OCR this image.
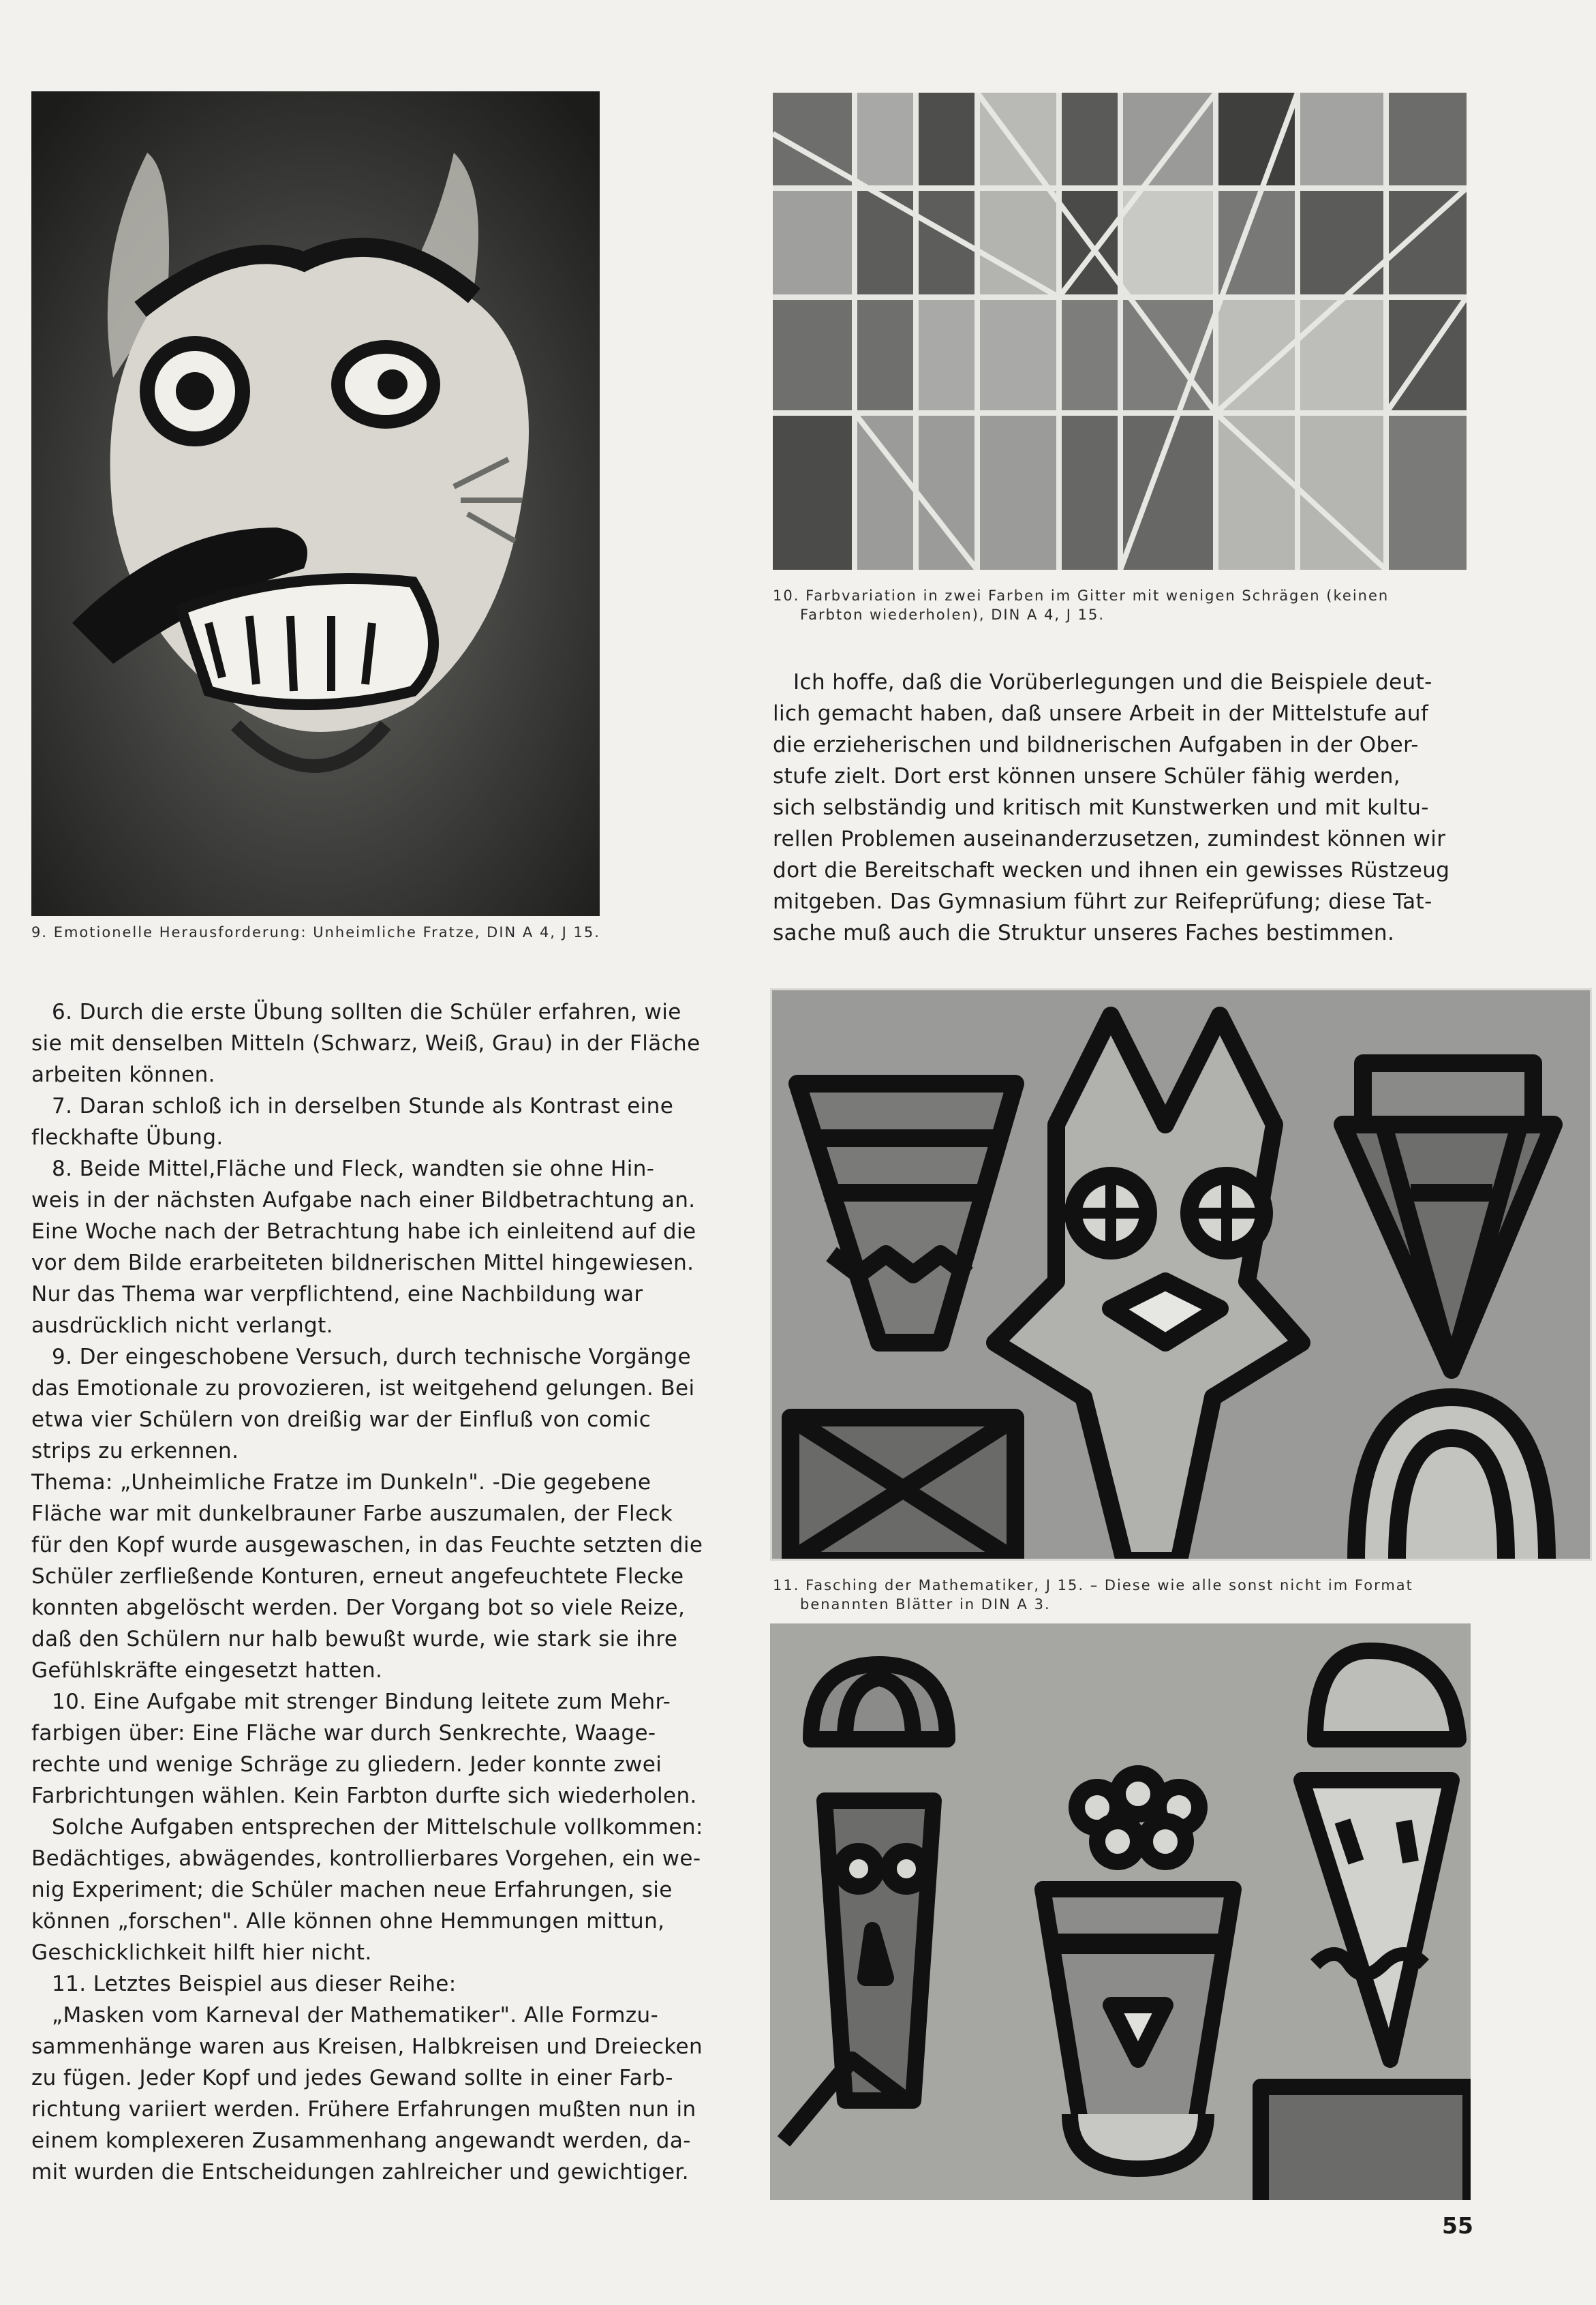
9. Emotionelle Herausforderung: Unheimliche Fratze, DIN A 4, J 15.
10. Farbvariation in zwei Farben im Gitter mit wenigen Schrägen (keinen
Farbton wiederholen), DIN A 4, J 15.
Ich hoffe, daß die Vorüberlegungen und die Beispiele deut-
lich gemacht haben, daß unsere Arbeit in der Mittelstufe auf
die erzieherischen und bildnerischen Aufgaben in der Ober-
stufe zielt. Dort erst können unsere Schüler fähig werden,
sich selbständig und kritisch mit Kunstwerken und mit kultu-
rellen Problemen auseinanderzusetzen, zumindest können wir
dort die Bereitschaft wecken und ihnen ein gewisses Rüstzeug
mitgeben. Das Gymnasium führt zur Reifeprüfung; diese Tat-
sache muß auch die Struktur unseres Faches bestimmen.
11. Fasching der Mathematiker, J 15. – Diese wie alle sonst nicht im Format
benannten Blätter in DIN A 3.
6. Durch die erste Übung sollten die Schüler erfahren, wie
sie mit denselben Mitteln (Schwarz, Weiß, Grau) in der Fläche
arbeiten können.
7. Daran schloß ich in derselben Stunde als Kontrast eine
fleckhafte Übung.
8. Beide Mittel,Fläche und Fleck, wandten sie ohne Hin-
weis in der nächsten Aufgabe nach einer Bildbetrachtung an.
Eine Woche nach der Betrachtung habe ich einleitend auf die
vor dem Bilde erarbeiteten bildnerischen Mittel hingewiesen.
Nur das Thema war verpflichtend, eine Nachbildung war
ausdrücklich nicht verlangt.
9. Der eingeschobene Versuch, durch technische Vorgänge
das Emotionale zu provozieren, ist weitgehend gelungen. Bei
etwa vier Schülern von dreißig war der Einfluß von comic
strips zu erkennen.
Thema: „Unheimliche Fratze im Dunkeln". -Die gegebene
Fläche war mit dunkelbrauner Farbe auszumalen, der Fleck
für den Kopf wurde ausgewaschen, in das Feuchte setzten die
Schüler zerfließende Konturen, erneut angefeuchtete Flecke
konnten abgelöscht werden. Der Vorgang bot so viele Reize,
daß den Schülern nur halb bewußt wurde, wie stark sie ihre
Gefühlskräfte eingesetzt hatten.
10. Eine Aufgabe mit strenger Bindung leitete zum Mehr-
farbigen über: Eine Fläche war durch Senkrechte, Waage-
rechte und wenige Schräge zu gliedern. Jeder konnte zwei
Farbrichtungen wählen. Kein Farbton durfte sich wiederholen.
Solche Aufgaben entsprechen der Mittelschule vollkommen:
Bedächtiges, abwägendes, kontrollierbares Vorgehen, ein we-
nig Experiment; die Schüler machen neue Erfahrungen, sie
können „forschen". Alle können ohne Hemmungen mittun,
Geschicklichkeit hilft hier nicht.
11. Letztes Beispiel aus dieser Reihe:
„Masken vom Karneval der Mathematiker". Alle Formzu-
sammenhänge waren aus Kreisen, Halbkreisen und Dreiecken
zu fügen. Jeder Kopf und jedes Gewand sollte in einer Farb-
richtung variiert werden. Frühere Erfahrungen mußten nun in
einem komplexeren Zusammenhang angewandt werden, da-
mit wurden die Entscheidungen zahlreicher und gewichtiger.
55
